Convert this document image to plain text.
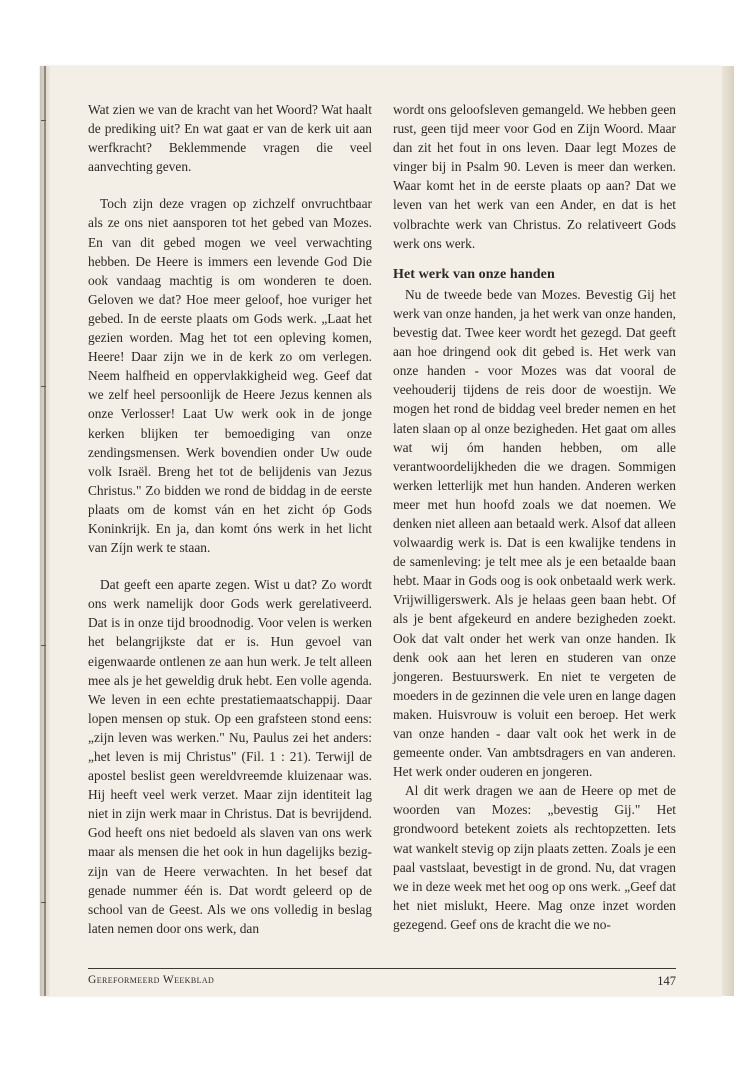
Wat zien we van de kracht van het Woord? Wat haalt de prediking uit? En wat gaat er van de kerk uit aan werfkracht? Beklemmende vragen die veel aanvechting geven.

Toch zijn deze vragen op zichzelf onvruchtbaar als ze ons niet aansporen tot het gebed van Mozes. En van dit gebed mogen we veel verwachting hebben. De Heere is immers een levende God Die ook vandaag machtig is om wonderen te doen. Geloven we dat? Hoe meer geloof, hoe vuriger het gebed. In de eerste plaats om Gods werk. „Laat het gezien worden. Mag het tot een opleving komen, Heere! Daar zijn we in de kerk zo om verlegen. Neem halfheid en oppervlakkigheid weg. Geef dat we zelf heel persoonlijk de Heere Jezus kennen als onze Verlosser! Laat Uw werk ook in de jonge kerken blijken ter bemoediging van onze zendingsmensen. Werk bovendien onder Uw oude volk Israël. Breng het tot de belijdenis van Jezus Christus." Zo bidden we rond de biddag in de eerste plaats om de komst ván en het zicht óp Gods Koninkrijk. En ja, dan komt óns werk in het licht van Zíjn werk te staan.

Dat geeft een aparte zegen. Wist u dat? Zo wordt ons werk namelijk door Gods werk gerelativeerd. Dat is in onze tijd broodnodig. Voor velen is werken het belangrijkste dat er is. Hun gevoel van eigenwaarde ontlenen ze aan hun werk. Je telt alleen mee als je het geweldig druk hebt. Een volle agenda. We leven in een echte prestatiemaatschappij. Daar lopen mensen op stuk. Op een grafsteen stond eens: „zijn leven was werken." Nu, Paulus zei het anders: „het leven is mij Christus" (Fil. 1 : 21). Terwijl de apostel beslist geen wereldvreemde kluizenaar was. Hij heeft veel werk verzet. Maar zijn identiteit lag niet in zijn werk maar in Christus. Dat is bevrijdend. God heeft ons niet bedoeld als slaven van ons werk maar als mensen die het ook in hun dagelijks bezig-zijn van de Heere verwachten. In het besef dat genade nummer één is. Dat wordt geleerd op de school van de Geest. Als we ons volledig in beslag laten nemen door ons werk, dan

wordt ons geloofsleven gemangeld. We hebben geen rust, geen tijd meer voor God en Zijn Woord. Maar dan zit het fout in ons leven. Daar legt Mozes de vinger bij in Psalm 90. Leven is meer dan werken. Waar komt het in de eerste plaats op aan? Dat we leven van het werk van een Ander, en dat is het volbrachte werk van Christus. Zo relativeert Gods werk ons werk.

Het werk van onze handen

Nu de tweede bede van Mozes. Bevestig Gij het werk van onze handen, ja het werk van onze handen, bevestig dat. Twee keer wordt het gezegd. Dat geeft aan hoe dringend ook dit gebed is. Het werk van onze handen - voor Mozes was dat vooral de veehouderij tijdens de reis door de woestijn. We mogen het rond de biddag veel breder nemen en het laten slaan op al onze bezigheden. Het gaat om alles wat wij óm handen hebben, om alle verantwoordelijkheden die we dragen. Sommigen werken letterlijk met hun handen. Anderen werken meer met hun hoofd zoals we dat noemen. We denken niet alleen aan betaald werk. Alsof dat alleen volwaardig werk is. Dat is een kwalijke tendens in de samenleving: je telt mee als je een betaalde baan hebt. Maar in Gods oog is ook onbetaald werk werk. Vrijwilligerswerk. Als je helaas geen baan hebt. Of als je bent afgekeurd en andere bezigheden zoekt. Ook dat valt onder het werk van onze handen. Ik denk ook aan het leren en studeren van onze jongeren. Bestuurswerk. En niet te vergeten de moeders in de gezinnen die vele uren en lange dagen maken. Huisvrouw is voluit een beroep. Het werk van onze handen - daar valt ook het werk in de gemeente onder. Van ambtsdragers en van anderen. Het werk onder ouderen en jongeren.

Al dit werk dragen we aan de Heere op met de woorden van Mozes: „bevestig Gij." Het grondwoord betekent zoiets als rechtopzetten. Iets wat wankelt stevig op zijn plaats zetten. Zoals je een paal vastslaat, bevestigt in de grond. Nu, dat vragen we in deze week met het oog op ons werk. „Geef dat het niet mislukt, Heere. Mag onze inzet worden gezegend. Geef ons de kracht die we no-

Gereformeerd Weekblad	147
